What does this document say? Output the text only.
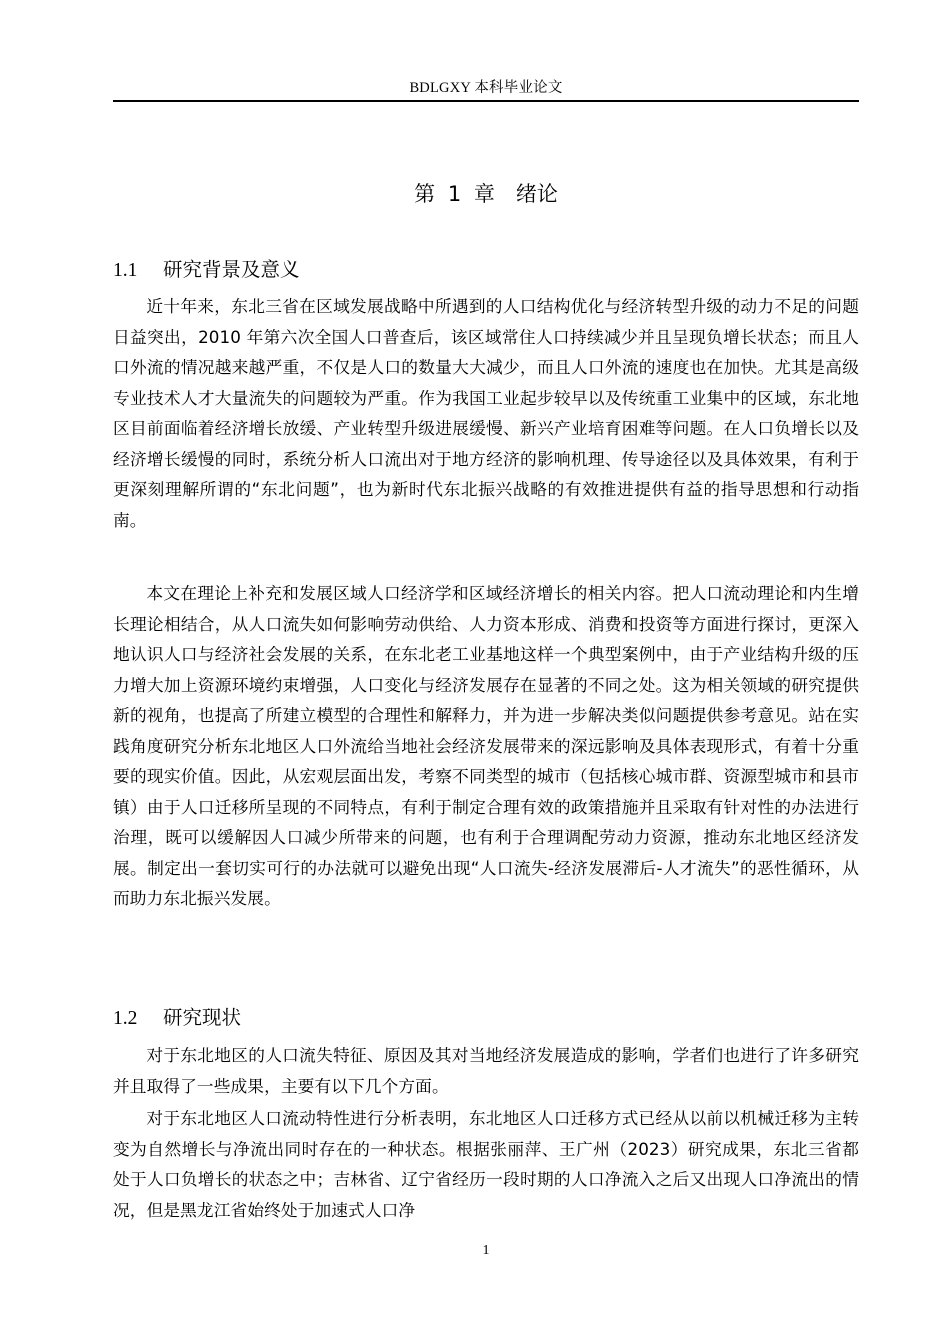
BDLGXY 本科毕业论文
第 1 章　绪论
1.1 研究背景及意义

近十年来，东北三省在区域发展战略中所遇到的人口结构优化与经济转型升级的动力不足的问题日益突出，2010 年第六次全国人口普查后，该区域常住人口持续减少并且呈现负增长状态；而且人口外流的情况越来越严重，不仅是人口的数量大大减少，而且人口外流的速度也在加快。尤其是高级专业技术人才大量流失的问题较为严重。作为我国工业起步较早以及传统重工业集中的区域，东北地区目前面临着经济增长放缓、产业转型升级进展缓慢、新兴产业培育困难等问题。在人口负增长以及经济增长缓慢的同时，系统分析人口流出对于地方经济的影响机理、传导途径以及具体效果，有利于更深刻理解所谓的“东北问题”，也为新时代东北振兴战略的有效推进提供有益的指导思想和行动指南。

本文在理论上补充和发展区域人口经济学和区域经济增长的相关内容。把人口流动理论和内生增长理论相结合，从人口流失如何影响劳动供给、人力资本形成、消费和投资等方面进行探讨，更深入地认识人口与经济社会发展的关系，在东北老工业基地这样一个典型案例中，由于产业结构升级的压力增大加上资源环境约束增强，人口变化与经济发展存在显著的不同之处。这为相关领域的研究提供新的视角，也提高了所建立模型的合理性和解释力，并为进一步解决类似问题提供参考意见。站在实践角度研究分析东北地区人口外流给当地社会经济发展带来的深远影响及具体表现形式，有着十分重要的现实价值。因此，从宏观层面出发，考察不同类型的城市（包括核心城市群、资源型城市和县市镇）由于人口迁移所呈现的不同特点，有利于制定合理有效的政策措施并且采取有针对性的办法进行治理，既可以缓解因人口减少所带来的问题，也有利于合理调配劳动力资源，推动东北地区经济发展。制定出一套切实可行的办法就可以避免出现“人口流失-经济发展滞后-人才流失”的恶性循环，从而助力东北振兴发展。

1.2 研究现状

对于东北地区的人口流失特征、原因及其对当地经济发展造成的影响，学者们也进行了许多研究并且取得了一些成果，主要有以下几个方面。

对于东北地区人口流动特性进行分析表明，东北地区人口迁移方式已经从以前以机械迁移为主转变为自然增长与净流出同时存在的一种状态。根据张丽萍、王广州（2023）研究成果，东北三省都处于人口负增长的状态之中；吉林省、辽宁省经历一段时期的人口净流入之后又出现人口净流出的情况，但是黑龙江省始终处于加速式人口净

1
